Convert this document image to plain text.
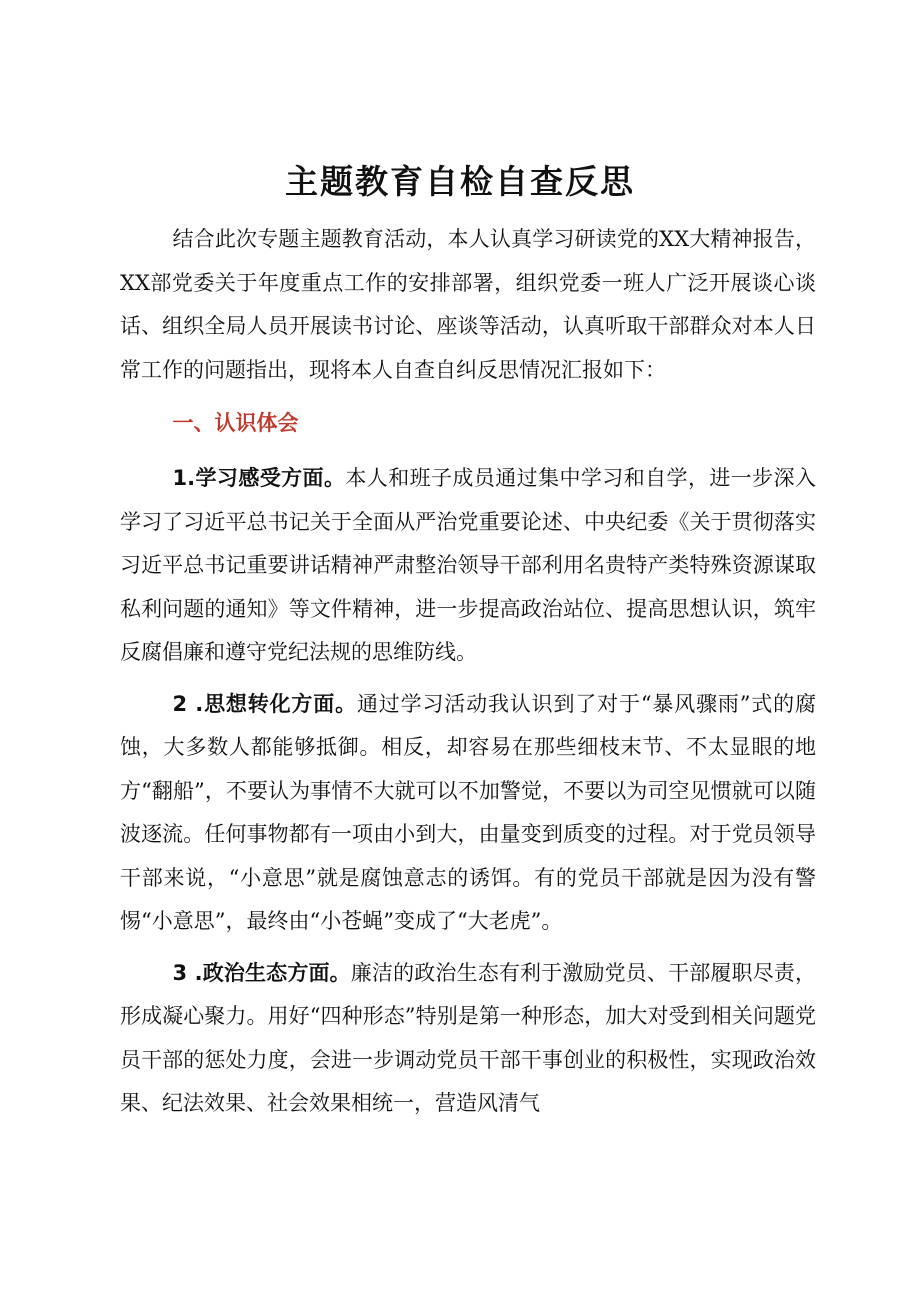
主题教育自检自查反思

结合此次专题主题教育活动，本人认真学习研读党的XX大精神报告，XX部党委关于年度重点工作的安排部署，组织党委一班人广泛开展谈心谈话、组织全局人员开展读书讨论、座谈等活动，认真听取干部群众对本人日常工作的问题指出，现将本人自查自纠反思情况汇报如下：

一、认识体会

1.学习感受方面。本人和班子成员通过集中学习和自学，进一步深入学习了习近平总书记关于全面从严治党重要论述、中央纪委《关于贯彻落实习近平总书记重要讲话精神严肃整治领导干部利用名贵特产类特殊资源谋取私利问题的通知》等文件精神，进一步提高政治站位、提高思想认识，筑牢反腐倡廉和遵守党纪法规的思维防线。

2 .思想转化方面。通过学习活动我认识到了对于“暴风骤雨”式的腐蚀，大多数人都能够抵御。相反，却容易在那些细枝末节、不太显眼的地方“翻船”，不要认为事情不大就可以不加警觉，不要以为司空见惯就可以随波逐流。任何事物都有一项由小到大，由量变到质变的过程。对于党员领导干部来说，“小意思”就是腐蚀意志的诱饵。有的党员干部就是因为没有警惕“小意思”，最终由“小苍蝇”变成了“大老虎”。

3 .政治生态方面。廉洁的政治生态有利于激励党员、干部履职尽责，形成凝心聚力。用好“四种形态”特别是第一种形态，加大对受到相关问题党员干部的惩处力度，会进一步调动党员干部干事创业的积极性，实现政治效果、纪法效果、社会效果相统一，营造风清气
